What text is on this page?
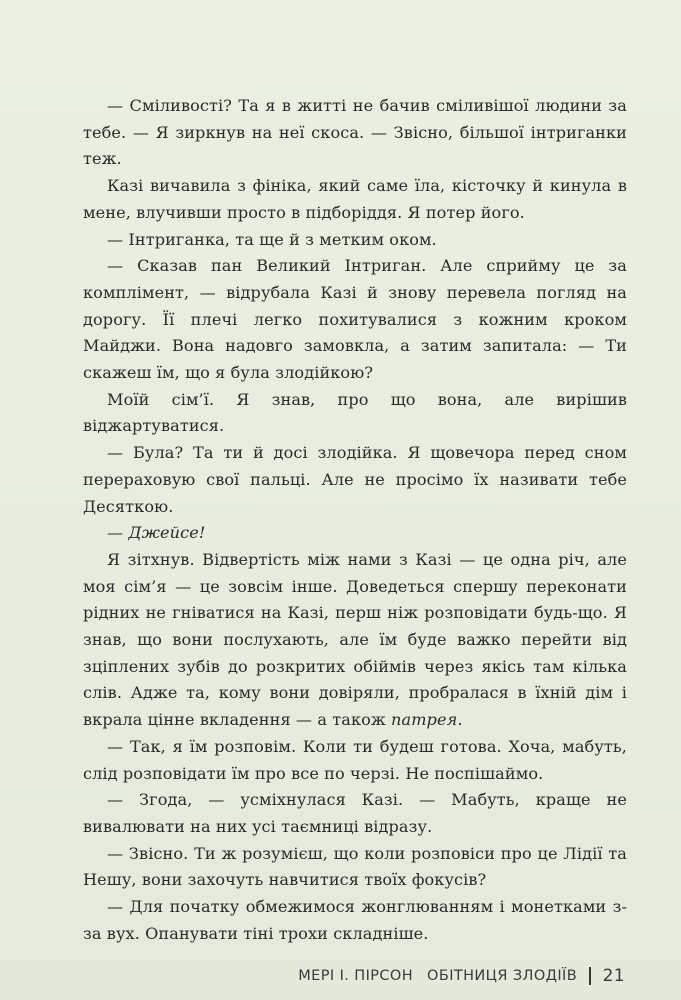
— Сміливості? Та я в житті не бачив сміливішої людини за тебе. — Я зиркнув на неї скоса. — Звісно, більшої інтриганки теж.

Казі вичавила з фініка, який саме їла, кісточку й кинула в мене, влучивши просто в підборіддя. Я потер його.

— Інтриганка, та ще й з метким оком.

— Сказав пан Великий Інтриган. Але сприйму це за комплімент, — відрубала Казі й знову перевела погляд на дорогу. Її плечі легко похитувалися з кожним кроком Майджи. Вона надовго замовкла, а затим запитала: — Ти скажеш їм, що я була злодійкою?

Моїй сім’ї. Я знав, про що вона, але вирішив віджартуватися.

— Була? Та ти й досі злодійка. Я щовечора перед сном перераховую свої пальці. Але не просімо їх називати тебе Десяткою.

— Джейсе!

Я зітхнув. Відвертість між нами з Казі — це одна річ, але моя сім’я — це зовсім інше. Доведеться спершу переконати рідних не гніватися на Казі, перш ніж розповідати будь-що. Я знав, що вони послухають, але їм буде важко перейти від зціплених зубів до розкритих обіймів через якісь там кілька слів. Адже та, кому вони довіряли, пробралася в їхній дім і вкрала цінне вкладення — а також патрея.

— Так, я їм розповім. Коли ти будеш готова. Хоча, мабуть, слід розповідати їм про все по черзі. Не поспішаймо.

— Згода, — усміхнулася Казі. — Мабуть, краще не вивалювати на них усі таємниці відразу.

— Звісно. Ти ж розумієш, що коли розповіси про це Лідії та Нешу, вони захочуть навчитися твоїх фокусів?

— Для початку обмежимося жонглюванням і монетками з-за вух. Опанувати тіні трохи складніше.

МЕРІ І. ПІРСОН ОБІТНИЦЯ ЗЛОДІЇВ 21
